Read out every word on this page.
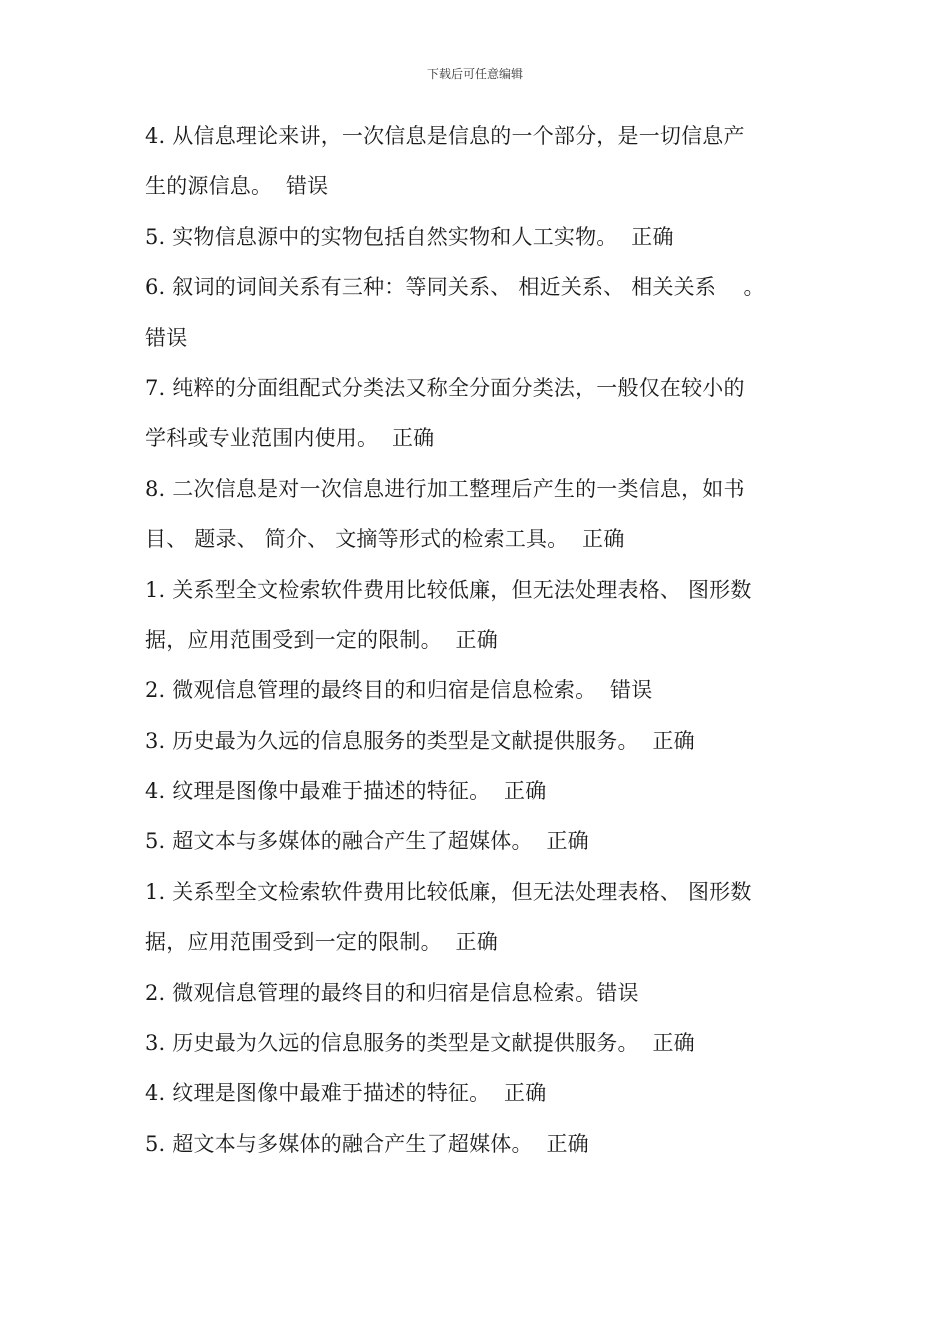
下载后可任意编辑
4. 从信息理论来讲，一次信息是信息的一个部分，是一切信息产
生的源信息。  错误
5. 实物信息源中的实物包括自然实物和人工实物。  正确
6. 叙词的词间关系有三种：等同关系、 相近关系、 相关关系    。
错误
7. 纯粹的分面组配式分类法又称全分面分类法，一般仅在较小的
学科或专业范围内使用。  正确
8. 二次信息是对一次信息进行加工整理后产生的一类信息，如书
目、 题录、 简介、 文摘等形式的检索工具。  正确
1. 关系型全文检索软件费用比较低廉，但无法处理表格、 图形数
据，应用范围受到一定的限制。  正确
2. 微观信息管理的最终目的和归宿是信息检索。  错误
3. 历史最为久远的信息服务的类型是文献提供服务。  正确
4. 纹理是图像中最难于描述的特征。  正确
5. 超文本与多媒体的融合产生了超媒体。  正确
1. 关系型全文检索软件费用比较低廉，但无法处理表格、 图形数
据，应用范围受到一定的限制。  正确
2. 微观信息管理的最终目的和归宿是信息检索。错误
3. 历史最为久远的信息服务的类型是文献提供服务。  正确
4. 纹理是图像中最难于描述的特征。  正确
5. 超文本与多媒体的融合产生了超媒体。  正确
